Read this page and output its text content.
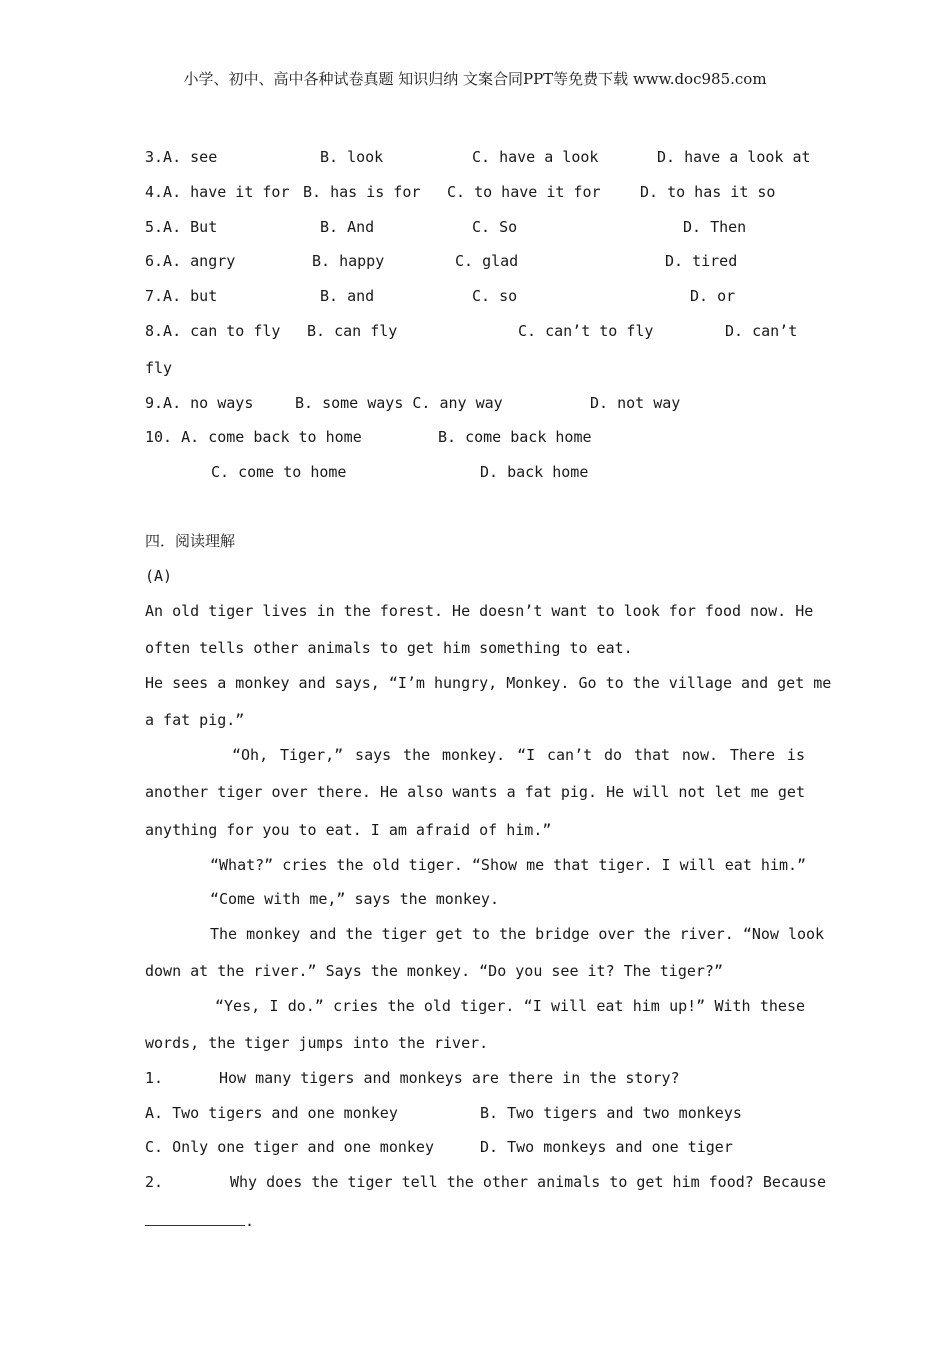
小学、初中、高中各种试卷真题 知识归纳 文案合同PPT等免费下载 www.doc985.com
3.A. see	B. look	C. have a look	D. have a look at
4.A. have it for B. has is for C. to have it for	D. to has it so
5.A. But	B. And	C. So	D. Then
6.A. angry	B. happy	C. glad	D. tired
7.A. but	B. and	C. so	D. or
8.A. can to fly B. can fly	C. can’t to fly	D. can’t
fly
9.A. no ways	B. some ways C. any way	D. not way
10. A. come back to home	B. come back home
C. come to home	D. back home
四．阅读理解
(A)
An old tiger lives in the forest. He doesn’t want to look for food now. He
often tells other animals to get him something to eat.
He sees a monkey and says, “I’m hungry, Monkey. Go to the village and get me
a fat pig.”
“Oh, Tiger,” says the monkey. “I can’t do that now. There is
another tiger over there. He also wants a fat pig. He will not let me get
anything for you to eat. I am afraid of him.”
“What?” cries the old tiger. “Show me that tiger. I will eat him.”
“Come with me,” says the monkey.
The monkey and the tiger get to the bridge over the river. “Now look
down at the river.” Says the monkey. “Do you see it? The tiger?”
“Yes, I do.” cries the old tiger. “I will eat him up!” With these
words, the tiger jumps into the river.
1.	How many tigers and monkeys are there in the story?
A. Two tigers and one monkey	B. Two tigers and two monkeys
C. Only one tiger and one monkey	D. Two monkeys and one tiger
2.	Why does the tiger tell the other animals to get him food? Because
.
